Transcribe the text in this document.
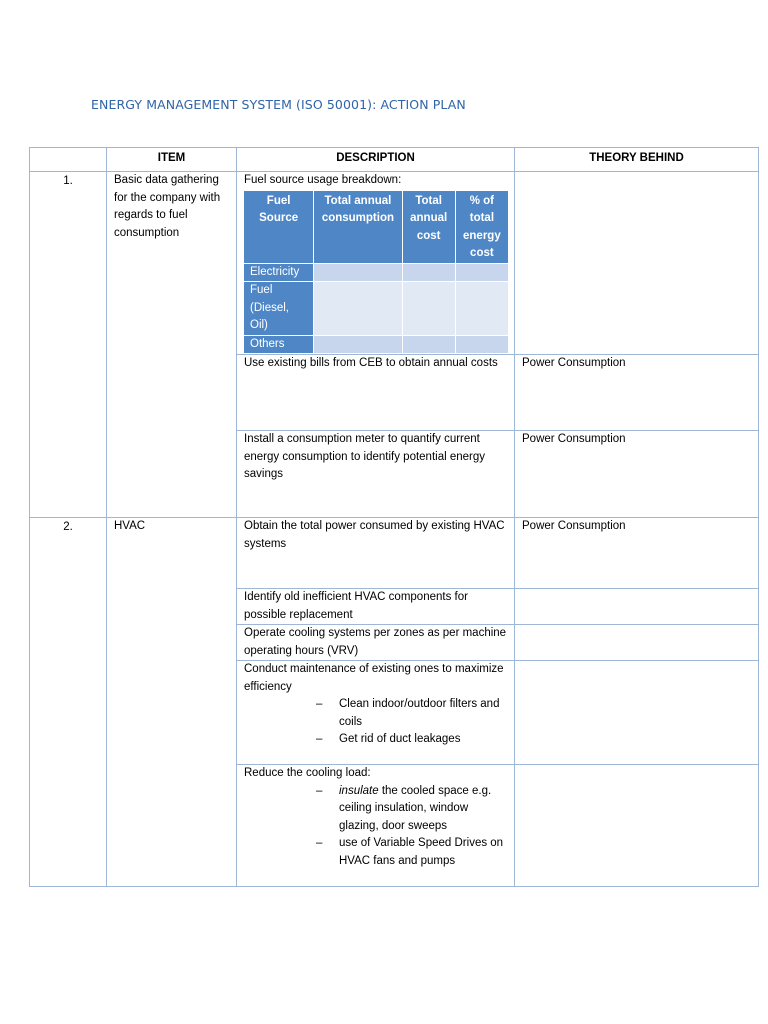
ENERGY MANAGEMENT SYSTEM (ISO 50001): ACTION PLAN
	ITEM	DESCRIPTION	THEORY BEHIND
1.	Basic data gathering for the company with regards to fuel consumption	
Fuel source usage breakdown:
Fuel Source	Total annual consumption	Total annual cost	% of total energy cost
Electricity			
Fuel (Diesel, Oil)			
Others			

Use existing bills from CEB to obtain annual costs	Power Consumption
Install a consumption meter to quantify current energy consumption to identify potential energy savings	Power Consumption
2.	HVAC	Obtain the total power consumed by existing HVAC systems	Power Consumption
Identify old inefficient HVAC components for possible replacement	
Operate cooling systems per zones as per machine operating hours (VRV)	

Conduct maintenance of existing ones to maximize efficiency
– Clean indoor/outdoor filters and coils
– Get rid of duct leakages

Reduce the cooling load:
– insulate the cooled space e.g. ceiling insulation, window glazing, door sweeps
– use of Variable Speed Drives on HVAC fans and pumps
